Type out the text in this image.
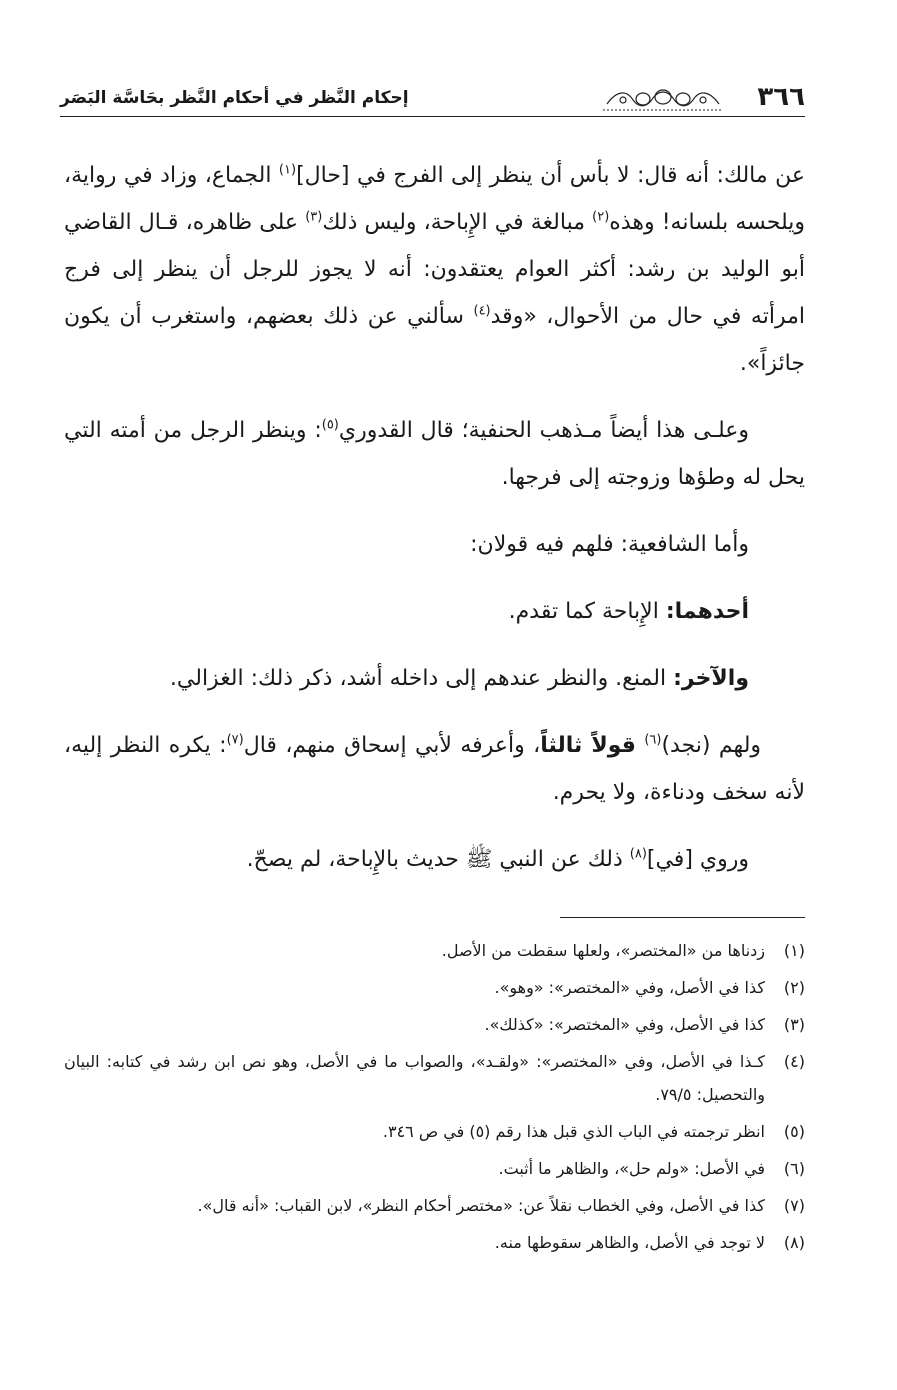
٣٦٦
إحكام النَّظر في أحكام النَّظر بحَاسَّة البَصَر

عن مالك: أنه قال: لا بأس أن ينظر إلى الفرج في [حال]$^{(١)}$ الجماع، وزاد في رواية، ويلحسه بلسانه! وهذه$^{(٢)}$ مبالغة في الإِباحة، وليس ذلك$^{(٣)}$ على ظاهره، قـال القاضي أبو الوليد بن رشد: أكثر العوام يعتقدون: أنه لا يجوز للرجل أن ينظر إلى فرج امرأته في حال من الأحوال، «وقد$^{(٤)}$ سألني عن ذلك بعضهم، واستغرب أن يكون جائزاً».

وعلـى هذا أيضاً مـذهب الحنفية؛ قال القدوري$^{(٥)}$: وينظر الرجل من أمته التي يحل له وطؤها وزوجته إلى فرجها.

وأما الشافعية: فلهم فيه قولان:

أحدهما: الإِباحة كما تقدم.

والآخر: المنع. والنظر عندهم إلى داخله أشد، ذكر ذلك: الغزالي.

ولهم (نجد)$^{(٦)}$ قولاً ثالثاً، وأعرفه لأبي إسحاق منهم، قال$^{(٧)}$: يكره النظر إليه، لأنه سخف ودناءة، ولا يحرم.

وروي [في]$^{(٨)}$ ذلك عن النبي ﷺ حديث بالإِباحة، لم يصحّ.

(١)
زدناها من «المختصر»، ولعلها سقطت من الأصل.
(٢)
كذا في الأصل، وفي «المختصر»: «وهو».
(٣)
كذا في الأصل، وفي «المختصر»: «كذلك».
(٤)
كـذا في الأصل، وفي «المختصر»: «ولقـد»، والصواب ما في الأصل، وهو نص ابن رشد في كتابه: البيان والتحصيل: ٧٩/٥.
(٥)
انظر ترجمته في الباب الذي قبل هذا رقم (٥) في ص ٣٤٦.
(٦)
في الأصل: «ولم حل»، والظاهر ما أثبت.
(٧)
كذا في الأصل، وفي الخطاب نقلاً عن: «مختصر أحكام النظر»، لابن القباب: «أنه قال».
(٨)
لا توجد في الأصل، والظاهر سقوطها منه.
